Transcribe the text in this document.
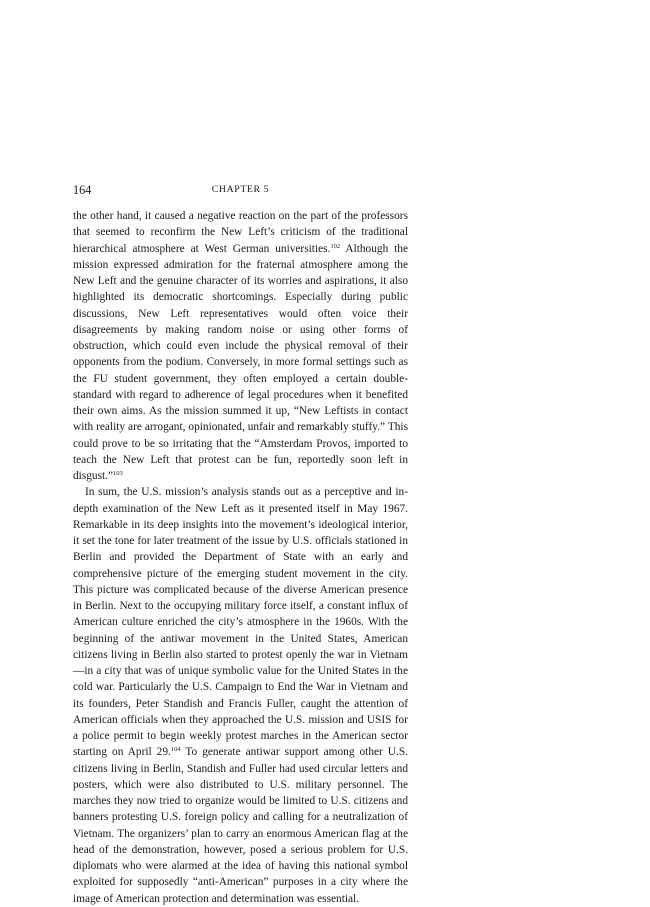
164	CHAPTER 5

the other hand, it caused a negative reaction on the part of the professors that seemed to reconfirm the New Left’s criticism of the traditional hierarchical atmosphere at West German universities.$^{102}$ Although the mission expressed admiration for the fraternal atmosphere among the New Left and the genuine character of its worries and aspirations, it also highlighted its democratic shortcomings. Especially during public discussions, New Left representatives would often voice their disagreements by making random noise or using other forms of obstruction, which could even include the physical removal of their opponents from the podium. Conversely, in more formal settings such as the FU student government, they often employed a certain double-standard with regard to adherence of legal procedures when it benefited their own aims. As the mission summed it up, “New Leftists in contact with reality are arrogant, opinionated, unfair and remarkably stuffy.” This could prove to be so irritating that the “Amsterdam Provos, imported to teach the New Left that protest can be fun, reportedly soon left in disgust.”$^{103}$

In sum, the U.S. mission’s analysis stands out as a perceptive and in-depth examination of the New Left as it presented itself in May 1967. Remarkable in its deep insights into the movement’s ideological interior, it set the tone for later treatment of the issue by U.S. officials stationed in Berlin and provided the Department of State with an early and comprehensive picture of the emerging student movement in the city. This picture was complicated because of the diverse American presence in Berlin. Next to the occupying military force itself, a constant influx of American culture enriched the city’s atmosphere in the 1960s. With the beginning of the antiwar movement in the United States, American citizens living in Berlin also started to protest openly the war in Vietnam—in a city that was of unique symbolic value for the United States in the cold war. Particularly the U.S. Campaign to End the War in Vietnam and its founders, Peter Standish and Francis Fuller, caught the attention of American officials when they approached the U.S. mission and USIS for a police permit to begin weekly protest marches in the American sector starting on April 29.$^{104}$ To generate antiwar support among other U.S. citizens living in Berlin, Standish and Fuller had used circular letters and posters, which were also distributed to U.S. military personnel. The marches they now tried to organize would be limited to U.S. citizens and banners protesting U.S. foreign policy and calling for a neutralization of Vietnam. The organizers’ plan to carry an enormous American flag at the head of the demonstration, however, posed a serious problem for U.S. diplomats who were alarmed at the idea of having this national symbol exploited for supposedly “anti-American” purposes in a city where the image of American protection and determination was essential.
